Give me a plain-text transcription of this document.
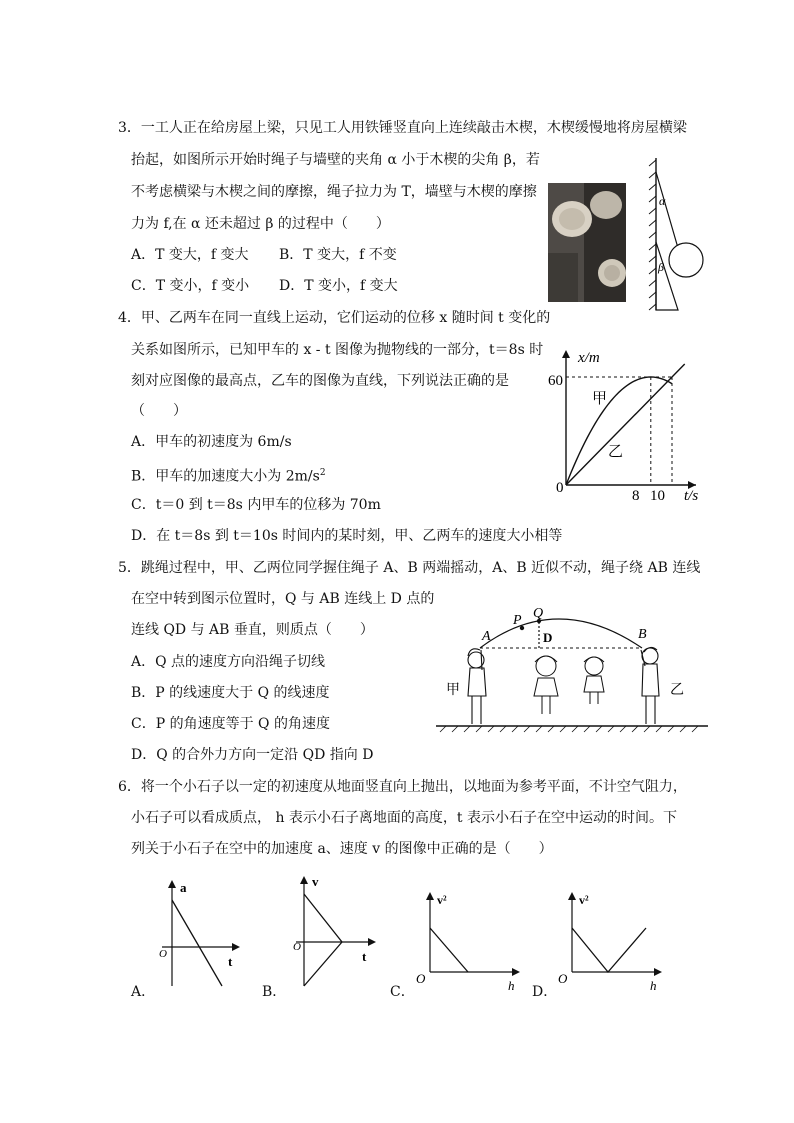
3．一工人正在给房屋上梁，只见工人用铁锤竖直向上连续敲击木楔，木楔缓慢地将房屋横梁
抬起，如图所示开始时绳子与墙壁的夹角 α 小于木楔的尖角 β，若
不考虑横梁与木楔之间的摩擦，绳子拉力为 T，墙壁与木楔的摩擦
力为 f,在 α 还未超过 β 的过程中（　　）
A．T 变大，f 变大 B．T 变大，f 不变
C．T 变小，f 变小 D．T 变小，f 变大
α
β
4．甲、乙两车在同一直线上运动，它们运动的位移 x 随时间 t 变化的
关系如图所示，已知甲车的 x - t 图像为抛物线的一部分，t＝8s 时
刻对应图像的最高点，乙车的图像为直线，下列说法正确的是
（　　）
A．甲车的初速度为 6m/s
B．甲车的加速度大小为 $2m/s^2$
C．t＝0 到 t＝8s 内甲车的位移为 70m
D．在 t＝8s 到 t＝10s 时间内的某时刻，甲、乙两车的速度大小相等
x/m
t/s
60
0	8 10
甲
乙
5．跳绳过程中，甲、乙两位同学握住绳子 A、B 两端摇动，A、B 近似不动，绳子绕 AB 连线
在空中转到图示位置时，Q 与 AB 连线上 D 点的
连线 QD 与 AB 垂直，则质点（　　）
A．Q 点的速度方向沿绳子切线
B．P 的线速度大于 Q 的线速度
C．P 的角速度等于 Q 的角速度
D．Q 的合外力方向一定沿 QD 指向 D
A	B
P Q
D
甲	乙
6．将一个小石子以一定的初速度从地面竖直向上抛出，以地面为参考平面，不计空气阻力，
小石子可以看成质点， h 表示小石子离地面的高度，t 表示小石子在空中运动的时间。下
列关于小石子在空中的加速度 a、速度 v 的图像中正确的是（　　）
A．
a
t
O
B．
v
t
O
C．
v²
h
O
D．
v²
h
O
